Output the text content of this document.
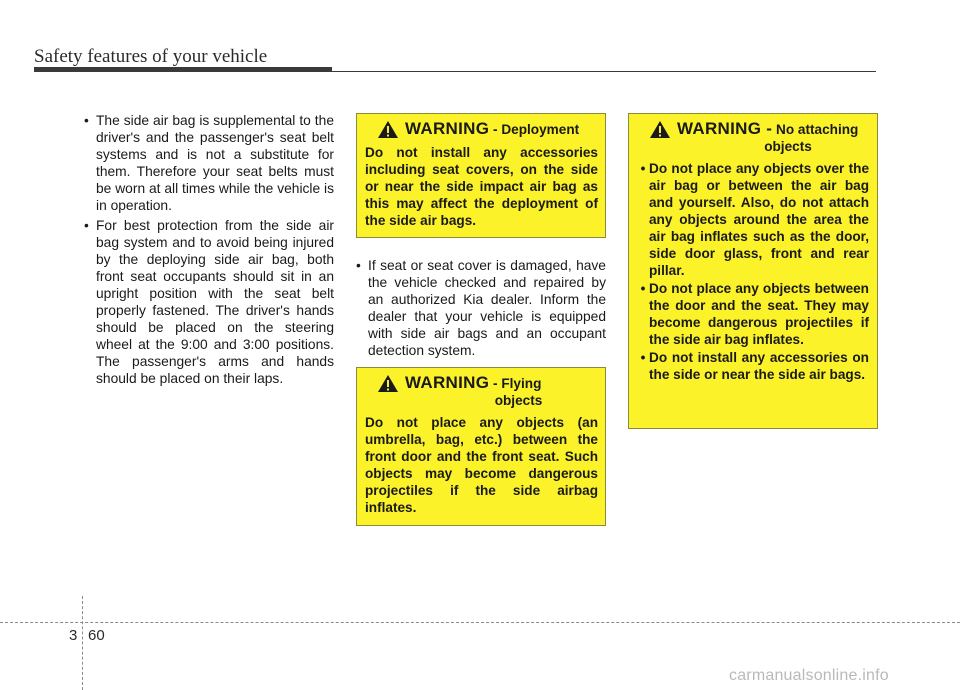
Safety features of your vehicle
• The side air bag is supplemental to the driver's and the passenger's seat belt systems and is not a substitute for them. Therefore your seat belts must be worn at all times while the vehicle is in operation.
• For best protection from the side air bag system and to avoid being injured by the deploying side air bag, both front seat occupants should sit in an upright position with the seat belt properly fastened. The driver's hands should be placed on the steering wheel at the 9:00 and 3:00 positions. The passenger's arms and hands should be placed on their laps.
WARNING - Deployment
Do not install any accessories including seat covers, on the side or near the side impact air bag as this may affect the deployment of the side air bags.
• If seat or seat cover is damaged, have the vehicle checked and repaired by an authorized Kia dealer. Inform the dealer that your vehicle is equipped with side air bags and an occupant detection system.
WARNING - Flying
objects
Do not place any objects (an umbrella, bag, etc.) between the front door and the front seat. Such objects may become dangerous projectiles if the side airbag inflates.
WARNING - No attaching
objects
• Do not place any objects over the air bag or between the air bag and yourself. Also, do not attach any objects around the area the air bag inflates such as the door, side door glass, front and rear pillar.
• Do not place any objects between the door and the seat. They may become dangerous projectiles if the side air bag inflates.
• Do not install any accessories on the side or near the side air bags.
3 60
carmanualsonline.info
